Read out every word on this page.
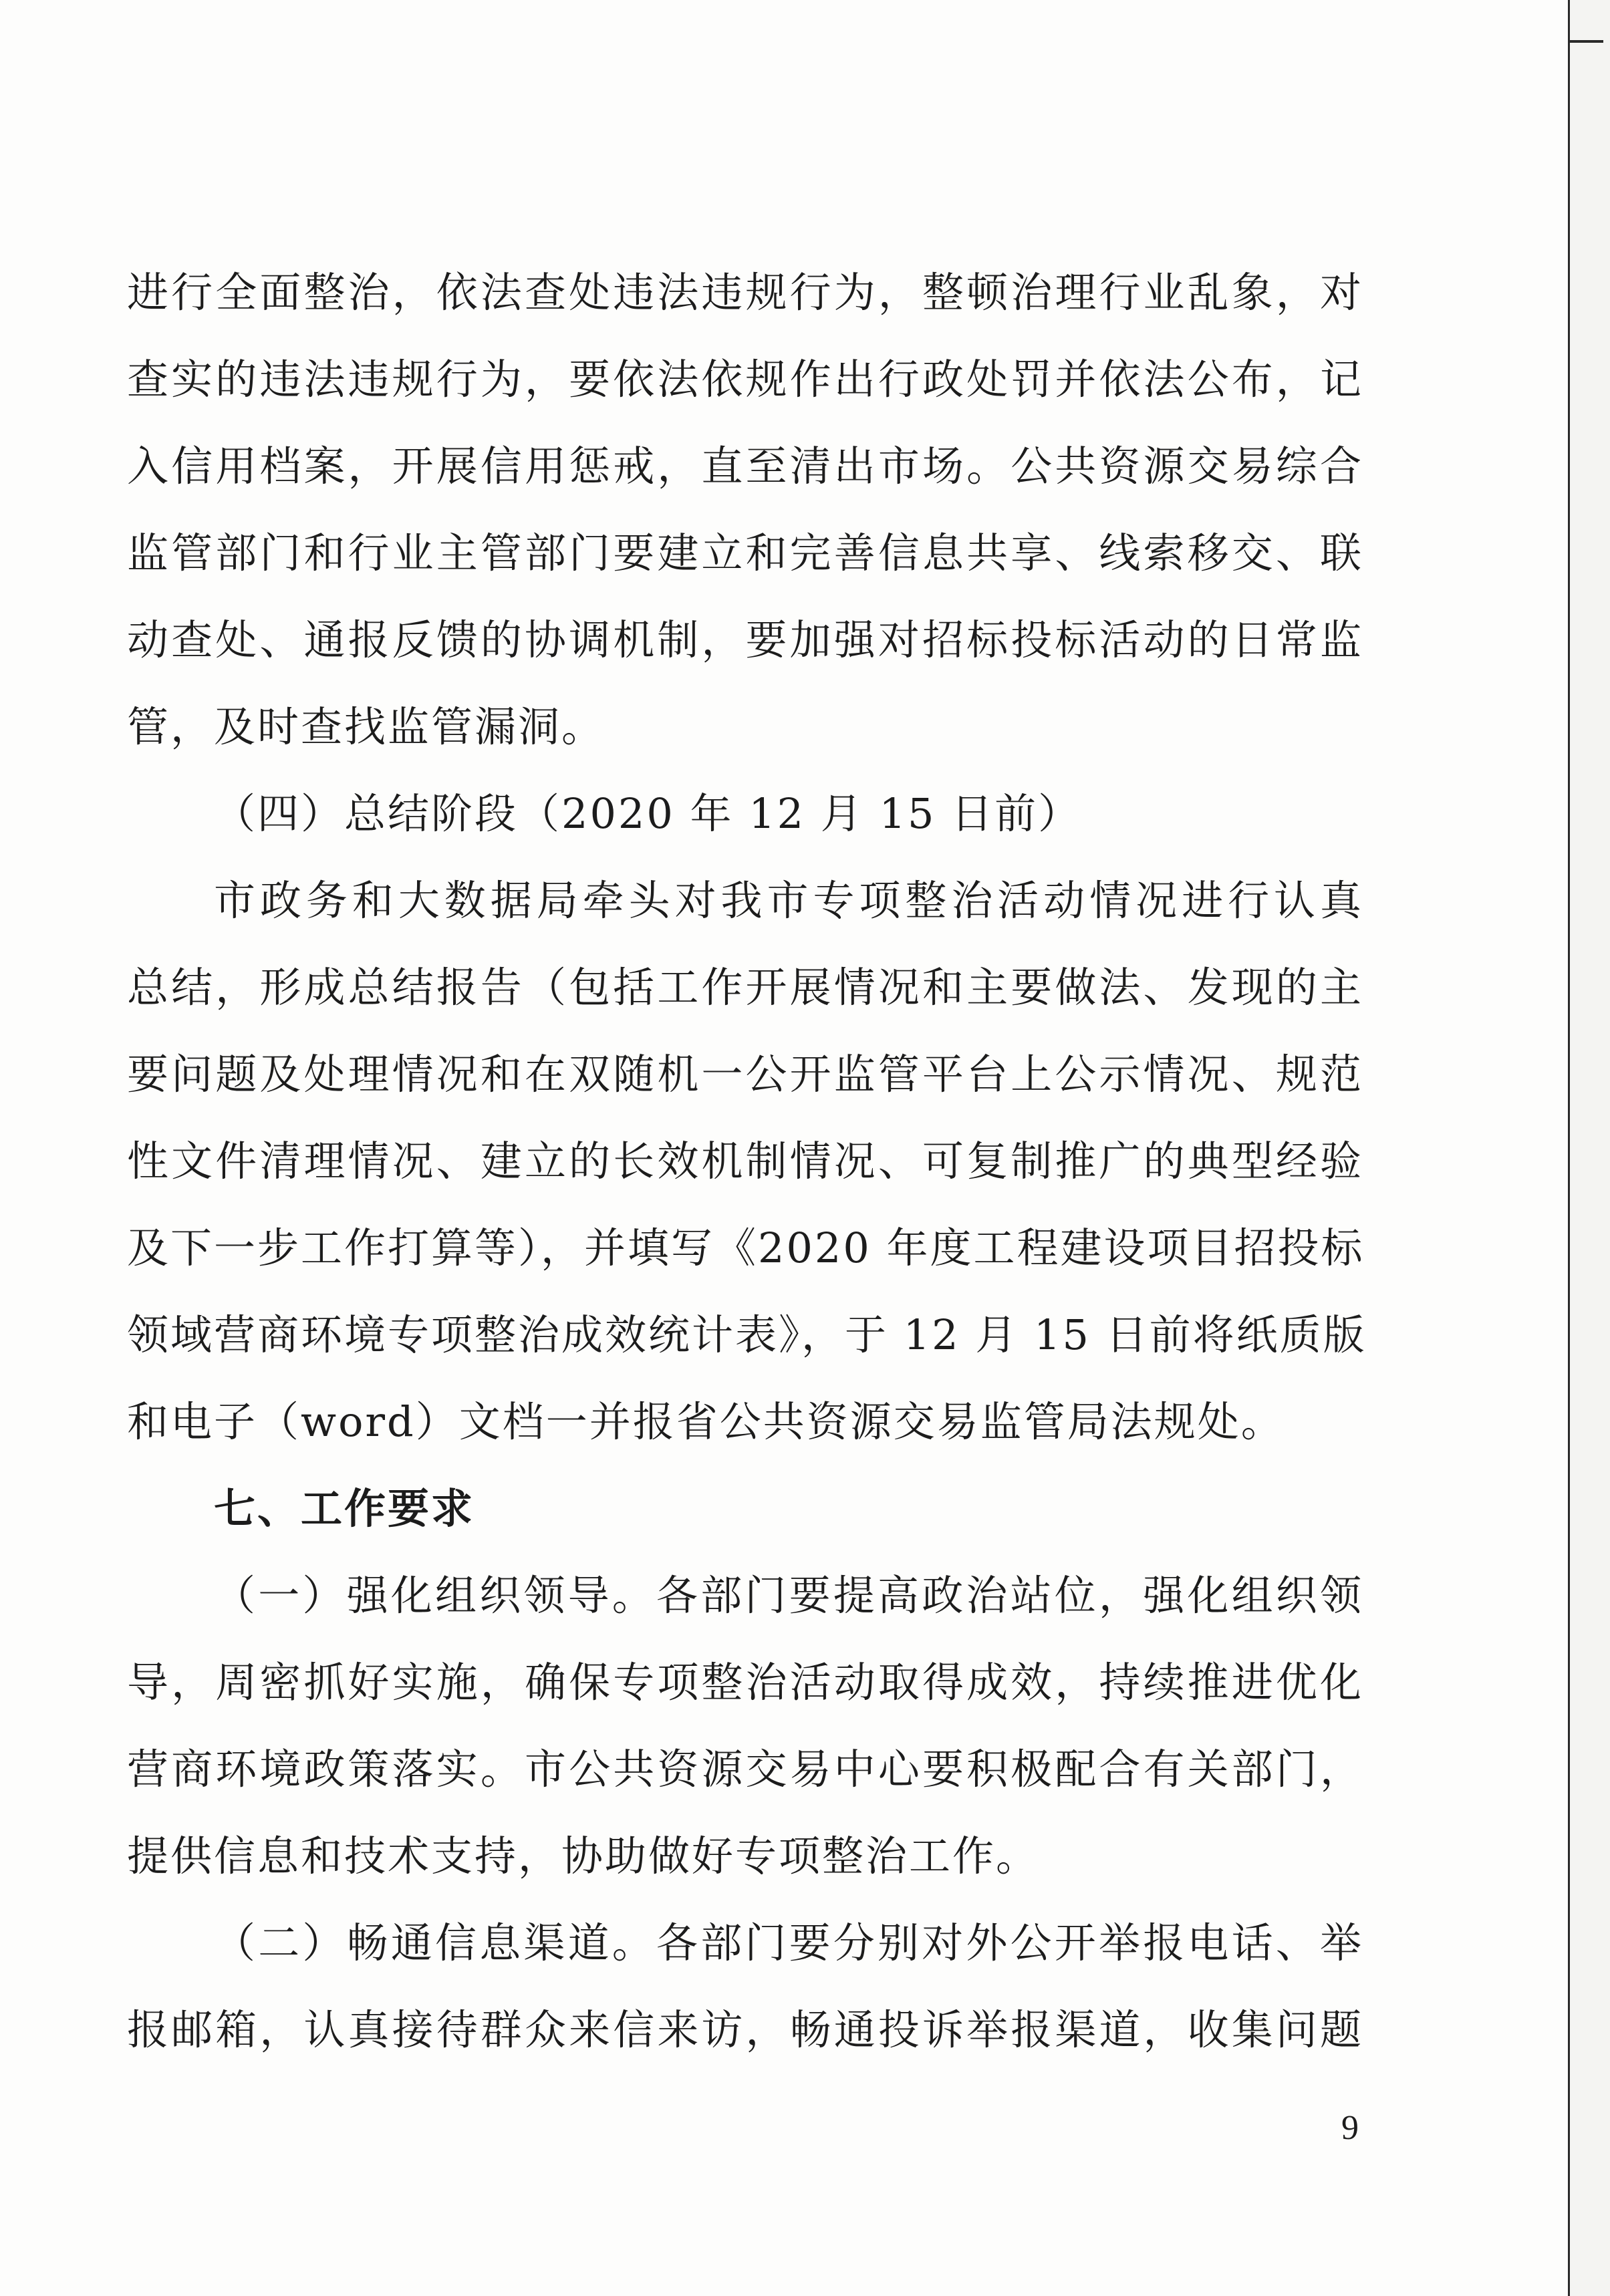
进行全面整治，依法查处违法违规行为，整顿治理行业乱象，对
查实的违法违规行为，要依法依规作出行政处罚并依法公布，记
入信用档案，开展信用惩戒，直至清出市场。公共资源交易综合
监管部门和行业主管部门要建立和完善信息共享、线索移交、联
动查处、通报反馈的协调机制，要加强对招标投标活动的日常监
管，及时查找监管漏洞。
（四）总结阶段（2020 年 12 月 15 日前）
市政务和大数据局牵头对我市专项整治活动情况进行认真
总结，形成总结报告（包括工作开展情况和主要做法、发现的主
要问题及处理情况和在双随机一公开监管平台上公示情况、规范
性文件清理情况、建立的长效机制情况、可复制推广的典型经验
及下一步工作打算等），并填写《2020 年度工程建设项目招投标
领域营商环境专项整治成效统计表》，于 12 月 15 日前将纸质版
和电子（word）文档一并报省公共资源交易监管局法规处。
七、工作要求
（一）强化组织领导。各部门要提高政治站位，强化组织领
导，周密抓好实施，确保专项整治活动取得成效，持续推进优化
营商环境政策落实。市公共资源交易中心要积极配合有关部门，
提供信息和技术支持，协助做好专项整治工作。
（二）畅通信息渠道。各部门要分别对外公开举报电话、举
报邮箱，认真接待群众来信来访，畅通投诉举报渠道，收集问题
9
